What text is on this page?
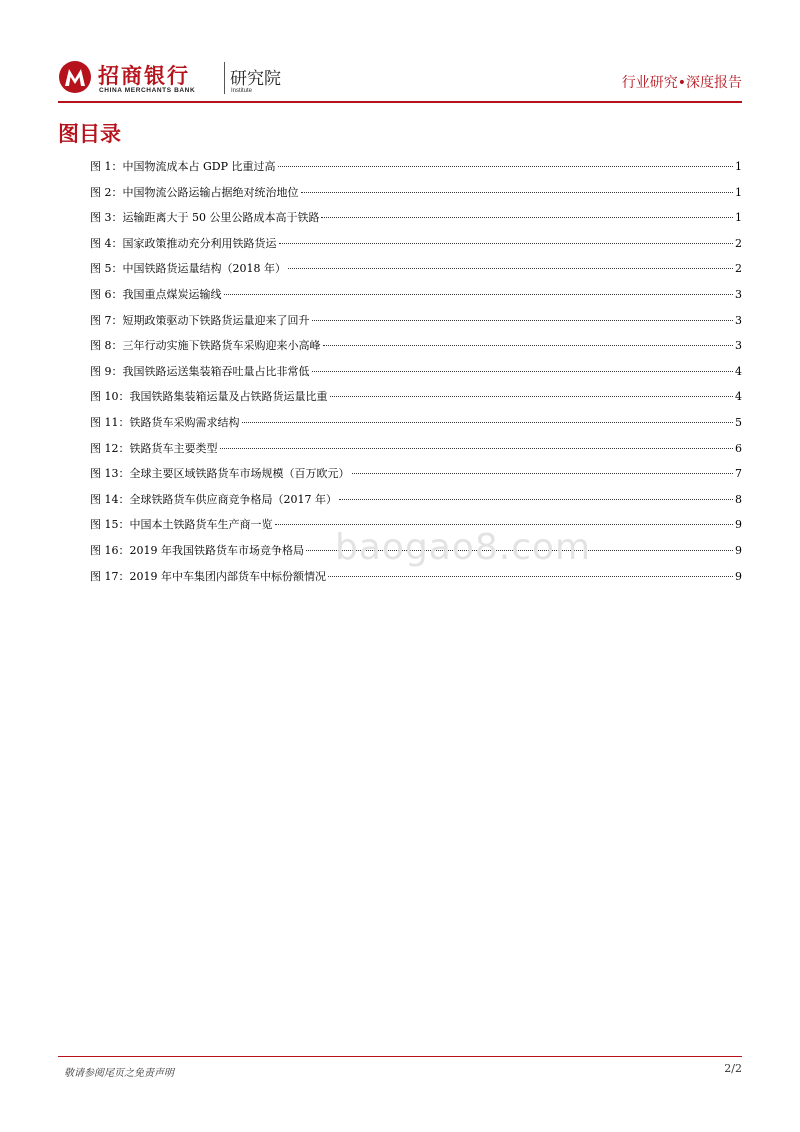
招商银行
CHINA MERCHANTS BANK
研究院
Institute	行业研究•深度报告
图目录
图 1：中国物流成本占 GDP 比重过高	1
图 2：中国物流公路运输占据绝对统治地位	1
图 3：运输距离大于 50 公里公路成本高于铁路	1
图 4：国家政策推动充分利用铁路货运	2
图 5：中国铁路货运量结构（2018 年）	2
图 6：我国重点煤炭运输线	3
图 7：短期政策驱动下铁路货运量迎来了回升	3
图 8：三年行动实施下铁路货车采购迎来小高峰	3
图 9：我国铁路运送集装箱吞吐量占比非常低	4
图 10：我国铁路集装箱运量及占铁路货运量比重	4
图 11：铁路货车采购需求结构	5
图 12：铁路货车主要类型	6
图 13：全球主要区域铁路货车市场规模（百万欧元）	7
图 14：全球铁路货车供应商竞争格局（2017 年）	8
图 15：中国本土铁路货车生产商一览	9
图 16：2019 年我国铁路货车市场竞争格局	9
图 17：2019 年中车集团内部货车中标份额情况	9
baogao8.com
敬请参阅尾页之免责声明	2/2
